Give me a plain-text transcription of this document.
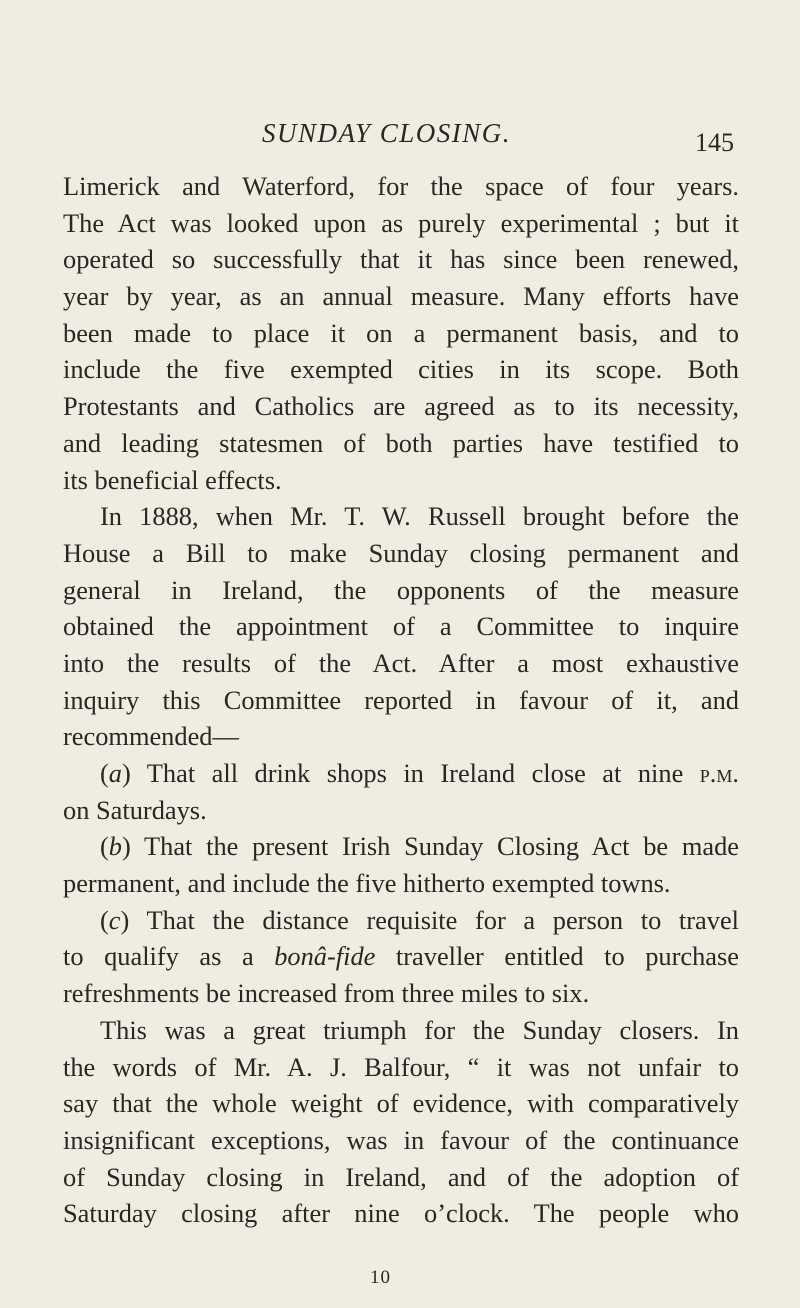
SUNDAY CLOSING.	145
Limerick and Waterford, for the space of four years.
The Act was looked upon as purely experimental ; but it
operated so successfully that it has since been renewed,
year by year, as an annual measure. Many efforts have
been made to place it on a permanent basis, and to
include the five exempted cities in its scope. Both
Protestants and Catholics are agreed as to its necessity,
and leading statesmen of both parties have testified to
its beneficial effects.
In 1888, when Mr. T. W. Russell brought before the
House a Bill to make Sunday closing permanent and
general in Ireland, the opponents of the measure
obtained the appointment of a Committee to inquire
into the results of the Act. After a most exhaustive
inquiry this Committee reported in favour of it, and
recommended—
(a) That all drink shops in Ireland close at nine p.m.
on Saturdays.
(b) That the present Irish Sunday Closing Act be made
permanent, and include the five hitherto exempted towns.
(c) That the distance requisite for a person to travel
to qualify as a bonâ-fide traveller entitled to purchase
refreshments be increased from three miles to six.
This was a great triumph for the Sunday closers. In
the words of Mr. A. J. Balfour, “ it was not unfair to
say that the whole weight of evidence, with comparatively
insignificant exceptions, was in favour of the continuance
of Sunday closing in Ireland, and of the adoption of
Saturday closing after nine o’clock. The people who
10
